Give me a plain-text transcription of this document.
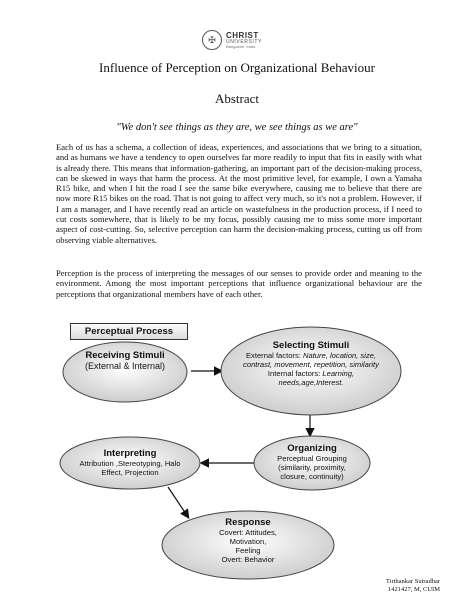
✠	CHRIST
UNIVERSITY
Bangalore, India
Influence of Perception on Organizational Behaviour
Abstract
"We don't see things as they are, we see things as we are"

Each of us has a schema, a collection of ideas, experiences, and associations that we bring to a situation, and as humans we have a tendency to open ourselves far more readily to input that fits in easily with what is already there. This means that information-gathering, an important part of the decision-making process, can be skewed in ways that harm the process. At the most primitive level, for example, I own a Yamaha R15 bike, and when I hit the road I see the same bike everywhere, causing me to believe that there are now more R15 bikes on the road. That is not going to affect very much, so it's not a problem. However, if I am a manager, and I have recently read an article on wastefulness in the production process, if I need to cut costs somewhere, that is likely to be my focus, possibly causing me to miss some more important aspect of cost-cutting. So, selective perception can harm the decision-making process, cutting us off from observing viable alternatives.

Perception is the process of interpreting the messages of our senses to provide order and meaning to the environment. Among the most important perceptions that influence organizational behaviour are the perceptions that organizational members have of each other.

Perceptual Process
Receiving Stimuli
(External & Internal)
Selecting Stimuli
External factors: Nature, location, size, contrast, movement, repetition, similarity
Internal factors: Learning, needs,age,Interest.
Organizing
Perceptual Grouping
(similarity, proximity, closure, continuity)
Interpreting
Attribution ,Stereotyping, Halo Effect, Projection
Response
Covert: Attitudes,
Motivation,
Feeling
Overt: Behavior
Tirthankar Sutradhar
1421427, M, CUIM
